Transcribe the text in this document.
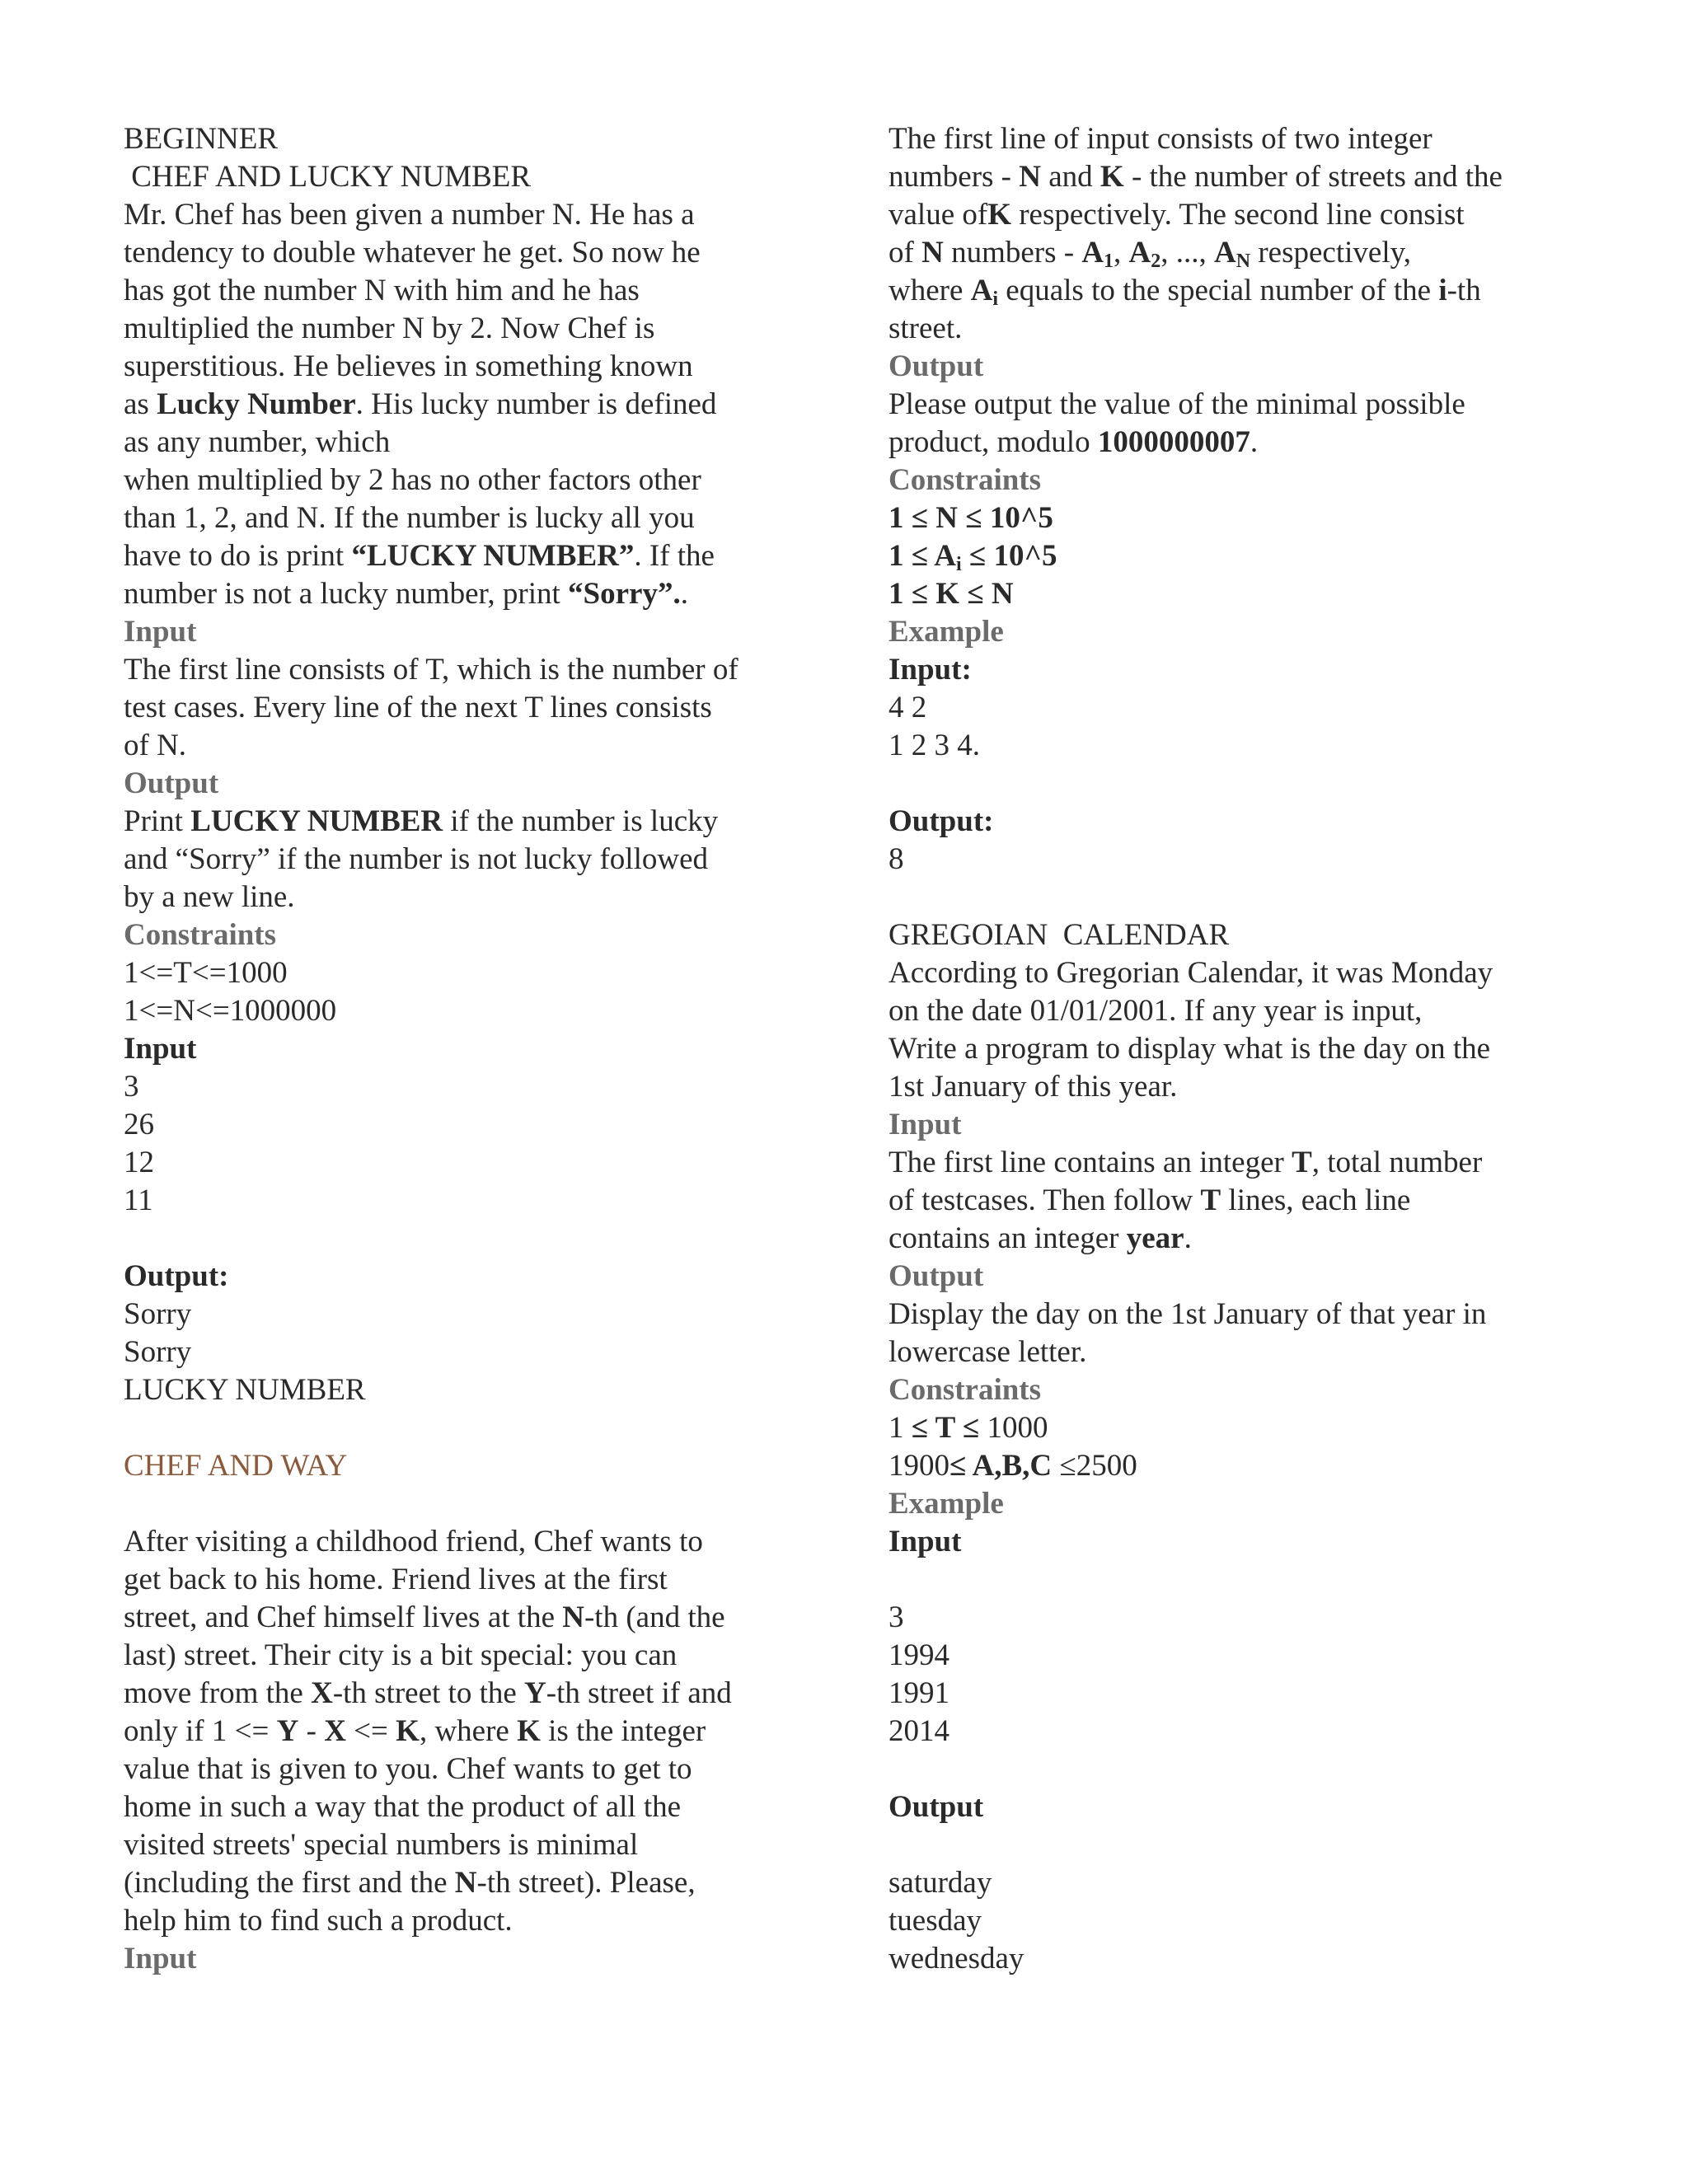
BEGINNER
CHEF AND LUCKY NUMBER
Mr. Chef has been given a number N. He has a
tendency to double whatever he get. So now he
has got the number N with him and he has
multiplied the number N by 2. Now Chef is
superstitious. He believes in something known
as Lucky Number. His lucky number is defined
as any number, which
when multiplied by 2 has no other factors other
than 1, 2, and N. If the number is lucky all you
have to do is print “LUCKY NUMBER”. If the
number is not a lucky number, print “Sorry”..
Input
The first line consists of T, which is the number of
test cases. Every line of the next T lines consists
of N.
Output
Print LUCKY NUMBER if the number is lucky
and “Sorry” if the number is not lucky followed
by a new line.
Constraints
1<=T<=1000
1<=N<=1000000
Input
3
26
12
11
Output:
Sorry
Sorry
LUCKY NUMBER
CHEF AND WAY
After visiting a childhood friend, Chef wants to
get back to his home. Friend lives at the first
street, and Chef himself lives at the N-th (and the
last) street. Their city is a bit special: you can
move from the X-th street to the Y-th street if and
only if 1 <= Y - X <= K, where K is the integer
value that is given to you. Chef wants to get to
home in such a way that the product of all the
visited streets' special numbers is minimal
(including the first and the N-th street). Please,
help him to find such a product.
Input
The first line of input consists of two integer
numbers - N and K - the number of streets and the
value ofK respectively. The second line consist
of N numbers - $A_1$, $A_2$, ..., $A_N$ respectively,
where $A_i$ equals to the special number of the i-th
street.
Output
Please output the value of the minimal possible
product, modulo 1000000007.
Constraints
1 ≤ N ≤ 10^5
$1 \le A_i$ ≤ 10^5
1 ≤ K ≤ N
Example
Input:
4 2
1 2 3 4.
Output:
8
GREGOIAN  CALENDAR
According to Gregorian Calendar, it was Monday
on the date 01/01/2001. If any year is input,
Write a program to display what is the day on the
1st January of this year.
Input
The first line contains an integer T, total number
of testcases. Then follow T lines, each line
contains an integer year.
Output
Display the day on the 1st January of that year in
lowercase letter.
Constraints
1 ≤ T ≤ 1000
1900≤ A,B,C ≤2500
Example
Input
3
1994
1991
2014
Output
saturday
tuesday
wednesday
